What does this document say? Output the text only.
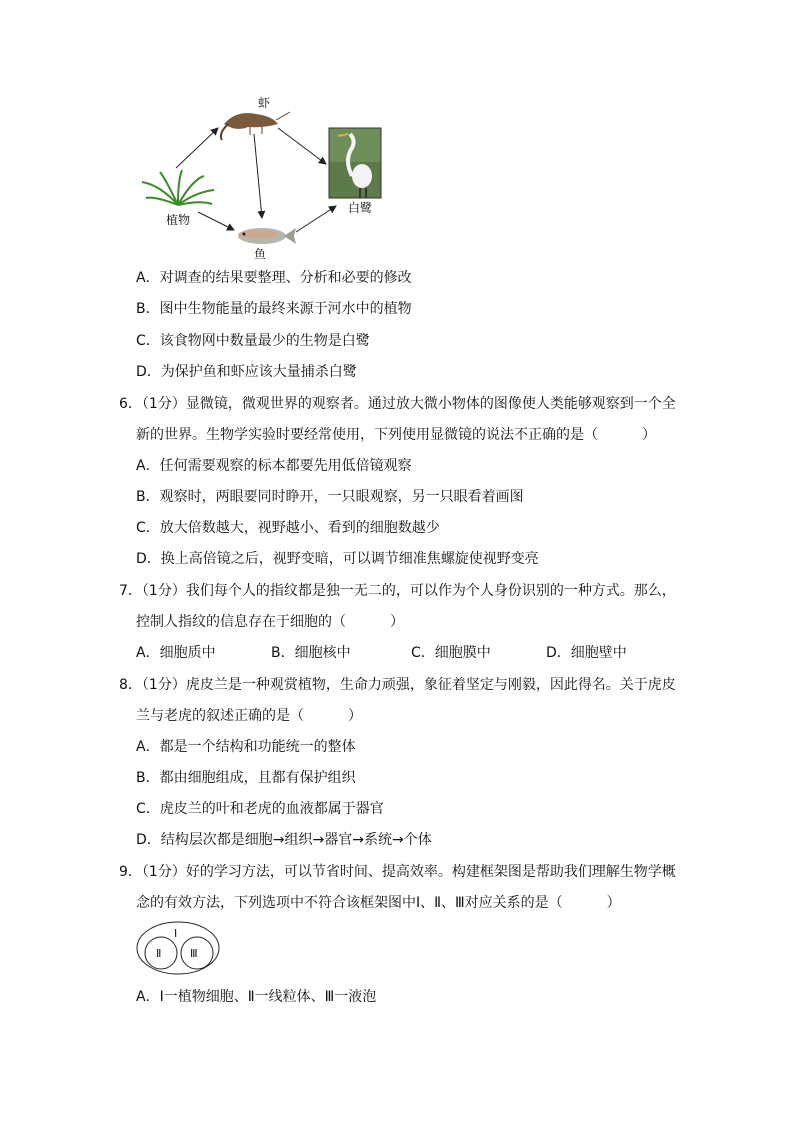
虾
植物
鱼
白鹭
A．对调查的结果要整理、分析和必要的修改
B．图中生物能量的最终来源于河水中的植物
C．该食物网中数量最少的生物是白鹭
D．为保护鱼和虾应该大量捕杀白鹭
6．（1分）显微镜，微观世界的观察者。通过放大微小物体的图像使人类能够观察到一个全
新的世界。生物学实验时要经常使用，下列使用显微镜的说法不正确的是（	）
A．任何需要观察的标本都要先用低倍镜观察
B．观察时，两眼要同时睁开，一只眼观察，另一只眼看着画图
C．放大倍数越大，视野越小、看到的细胞数越少
D．换上高倍镜之后，视野变暗，可以调节细准焦螺旋使视野变亮
7．（1分）我们每个人的指纹都是独一无二的，可以作为个人身份识别的一种方式。那么，
控制人指纹的信息存在于细胞的（	）
A．细胞质中	B．细胞核中	C．细胞膜中	D．细胞壁中
8．（1分）虎皮兰是一种观赏植物，生命力顽强，象征着坚定与刚毅，因此得名。关于虎皮
兰与老虎的叙述正确的是（	）
A．都是一个结构和功能统一的整体
B．都由细胞组成，且都有保护组织
C．虎皮兰的叶和老虎的血液都属于器官
D．结构层次都是细胞→组织→器官→系统→个体
9．（1分）好的学习方法，可以节省时间、提高效率。构建框架图是帮助我们理解生物学概
念的有效方法，下列选项中不符合该框架图中Ⅰ、Ⅱ、Ⅲ对应关系的是（	）
Ⅰ
Ⅱ	Ⅲ
A．Ⅰ一植物细胞、Ⅱ一线粒体、Ⅲ一液泡
